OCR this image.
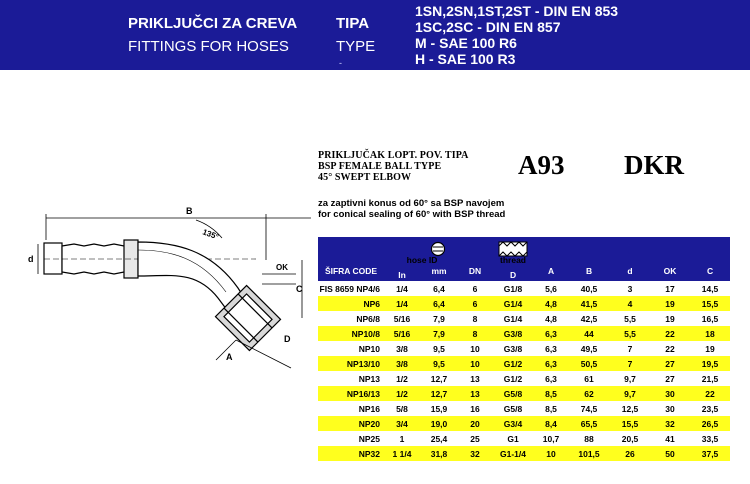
PRIKLJUČCI ZA CREVA
FITTINGS FOR HOSES
TIPA
TYPE
1SN,2SN,1ST,2ST - DIN EN 853
1SC,2SC - DIN EN 857
M - SAE 100 R6
H - SAE 100 R3
-
PRIKLJUČAK LOPT. POV. TIPA
BSP FEMALE BALL TYPE
45° SWEPT ELBOW	A93 DKR
za zaptivni konus od 60° sa BSP navojem
for conical sealing of 60° with BSP thread
B
135°
d
OK
C
A
D

ŠIFRA CODE	hose ID
In	mm	DN	thread
D	A	B	d	OK	C
FIS 8659 NP4/6	1/4	6,4	6	G1/8	5,6	40,5	3	17	14,5
NP6	1/4	6,4	6	G1/4	4,8	41,5	4	19	15,5
NP6/8	5/16	7,9	8	G1/4	4,8	42,5	5,5	19	16,5
NP10/8	5/16	7,9	8	G3/8	6,3	44	5,5	22	18
NP10	3/8	9,5	10	G3/8	6,3	49,5	7	22	19
NP13/10	3/8	9,5	10	G1/2	6,3	50,5	7	27	19,5
NP13	1/2	12,7	13	G1/2	6,3	61	9,7	27	21,5
NP16/13	1/2	12,7	13	G5/8	8,5	62	9,7	30	22
NP16	5/8	15,9	16	G5/8	8,5	74,5	12,5	30	23,5
NP20	3/4	19,0	20	G3/4	8,4	65,5	15,5	32	26,5
NP25	1	25,4	25	G1	10,7	88	20,5	41	33,5
NP32	1 1/4	31,8	32	G1-1/4	10	101,5	26	50	37,5
